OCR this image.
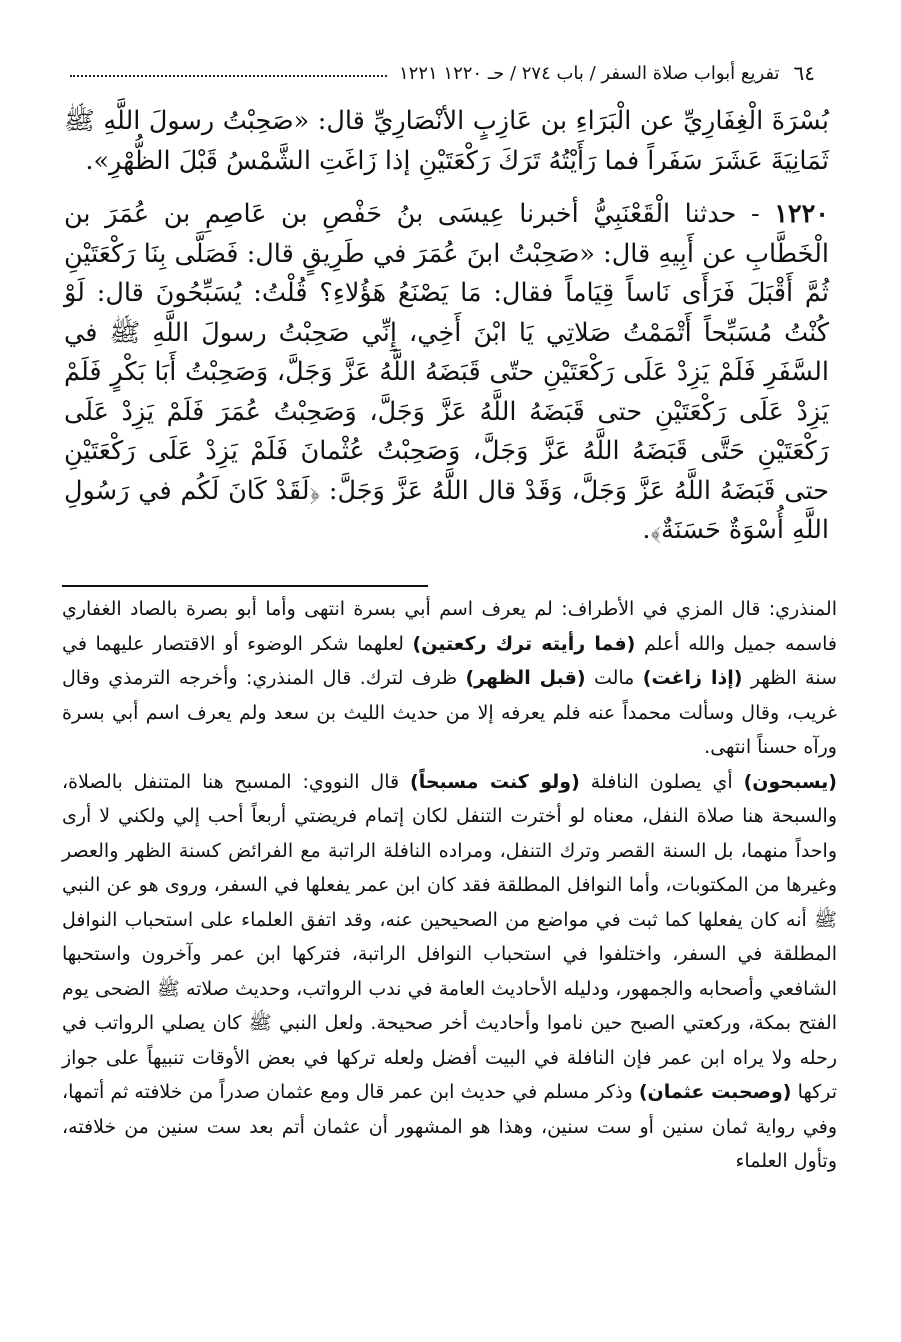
٦٤
تفريع أبواب صلاة السفر / باب ٢٧٤ / حـ ١٢٢٠ ١٢٢١

بُسْرَةَ الْغِفَارِيِّ عن الْبَرَاءِ بن عَازِبٍ الأنْصَارِيِّ قال: «صَحِبْتُ رسولَ اللَّهِ ﷺ ثَمَانِيَةَ عَشَرَ سَفَراً فما رَأَيْتُهُ تَرَكَ رَكْعَتَيْنِ إذا زَاغَتِ الشَّمْسُ قَبْلَ الظُّهْرِ».

١٢٢٠ - حدثنا الْقَعْنَبِيُّ أخبرنا عِيسَى بنُ حَفْصِ بن عَاصِمِ بن عُمَرَ بن الْخَطَّابِ عن أَبِيهِ قال: «صَحِبْتُ ابنَ عُمَرَ في طَرِيقٍ قال: فَصَلَّى بِنَا رَكْعَتَيْنِ ثُمَّ أَقْبَلَ فَرَأَى نَاساً قِيَاماً فقال: مَا يَصْنَعُ هَؤُلاءِ؟ قُلْتُ: يُسَبِّحُونَ قال: لَوْ كُنْتُ مُسَبِّحاً أَتْمَمْتُ صَلاتِي يَا ابْنَ أَخِي، إِنِّي صَحِبْتُ رسولَ اللَّهِ ﷺ في السَّفَرِ فَلَمْ يَزِدْ عَلَى رَكْعَتَيْنِ حتّى قَبَضَهُ اللَّهُ عَزَّ وَجَلَّ، وَصَحِبْتُ أَبَا بَكْرٍ فَلَمْ يَزِدْ عَلَى رَكْعَتَيْنِ حتى قَبَضَهُ اللَّهُ عَزَّ وَجَلَّ، وَصَحِبْتُ عُمَرَ فَلَمْ يَزِدْ عَلَى رَكْعَتَيْنِ حَتَّى قَبَضَهُ اللَّهُ عَزَّ وَجَلَّ، وَصَحِبْتُ عُثْمانَ فَلَمْ يَزِدْ عَلَى رَكْعَتَيْنِ حتى قَبَضَهُ اللَّهُ عَزَّ وَجَلَّ، وَقَدْ قال اللَّهُ عَزَّ وَجَلَّ: ﴿لَقَدْ كَانَ لَكُم في رَسُولِ اللَّهِ أُسْوَةٌ حَسَنَةٌ﴾.

المنذري: قال المزي في الأطراف: لم يعرف اسم أبي بسرة انتهى وأما أبو بصرة بالصاد الغفاري فاسمه جميل والله أعلم (فما رأيته ترك ركعتين) لعلهما شكر الوضوء أو الاقتصار عليهما في سنة الظهر (إذا زاغت) مالت (قبل الظهر) ظرف لترك. قال المنذري: وأخرجه الترمذي وقال غريب، وقال وسألت محمداً عنه فلم يعرفه إلا من حديث الليث بن سعد ولم يعرف اسم أبي بسرة ورآه حسناً انتهى.

(يسبحون) أي يصلون النافلة (ولو كنت مسبحاً) قال النووي: المسبح هنا المتنفل بالصلاة، والسبحة هنا صلاة النفل، معناه لو أخترت التنفل لكان إتمام فريضتي أربعاً أحب إلي ولكني لا أرى واحداً منهما، بل السنة القصر وترك التنفل، ومراده النافلة الراتبة مع الفرائض كسنة الظهر والعصر وغيرها من المكتوبات، وأما النوافل المطلقة فقد كان ابن عمر يفعلها في السفر، وروى هو عن النبي ﷺ أنه كان يفعلها كما ثبت في مواضع من الصحيحين عنه، وقد اتفق العلماء على استحباب النوافل المطلقة في السفر، واختلفوا في استحباب النوافل الراتبة، فتركها ابن عمر وآخرون واستحبها الشافعي وأصحابه والجمهور، ودليله الأحاديث العامة في ندب الرواتب، وحديث صلاته ﷺ الضحى يوم الفتح بمكة، وركعتي الصبح حين ناموا وأحاديث أخر صحيحة. ولعل النبي ﷺ كان يصلي الرواتب في رحله ولا يراه ابن عمر فإن النافلة في البيت أفضل ولعله تركها في بعض الأوقات تنبيهاً على جواز تركها (وصحبت عثمان) وذكر مسلم في حديث ابن عمر قال ومع عثمان صدراً من خلافته ثم أتمها، وفي رواية ثمان سنين أو ست سنين، وهذا هو المشهور أن عثمان أتم بعد ست سنين من خلافته، وتأول العلماء
